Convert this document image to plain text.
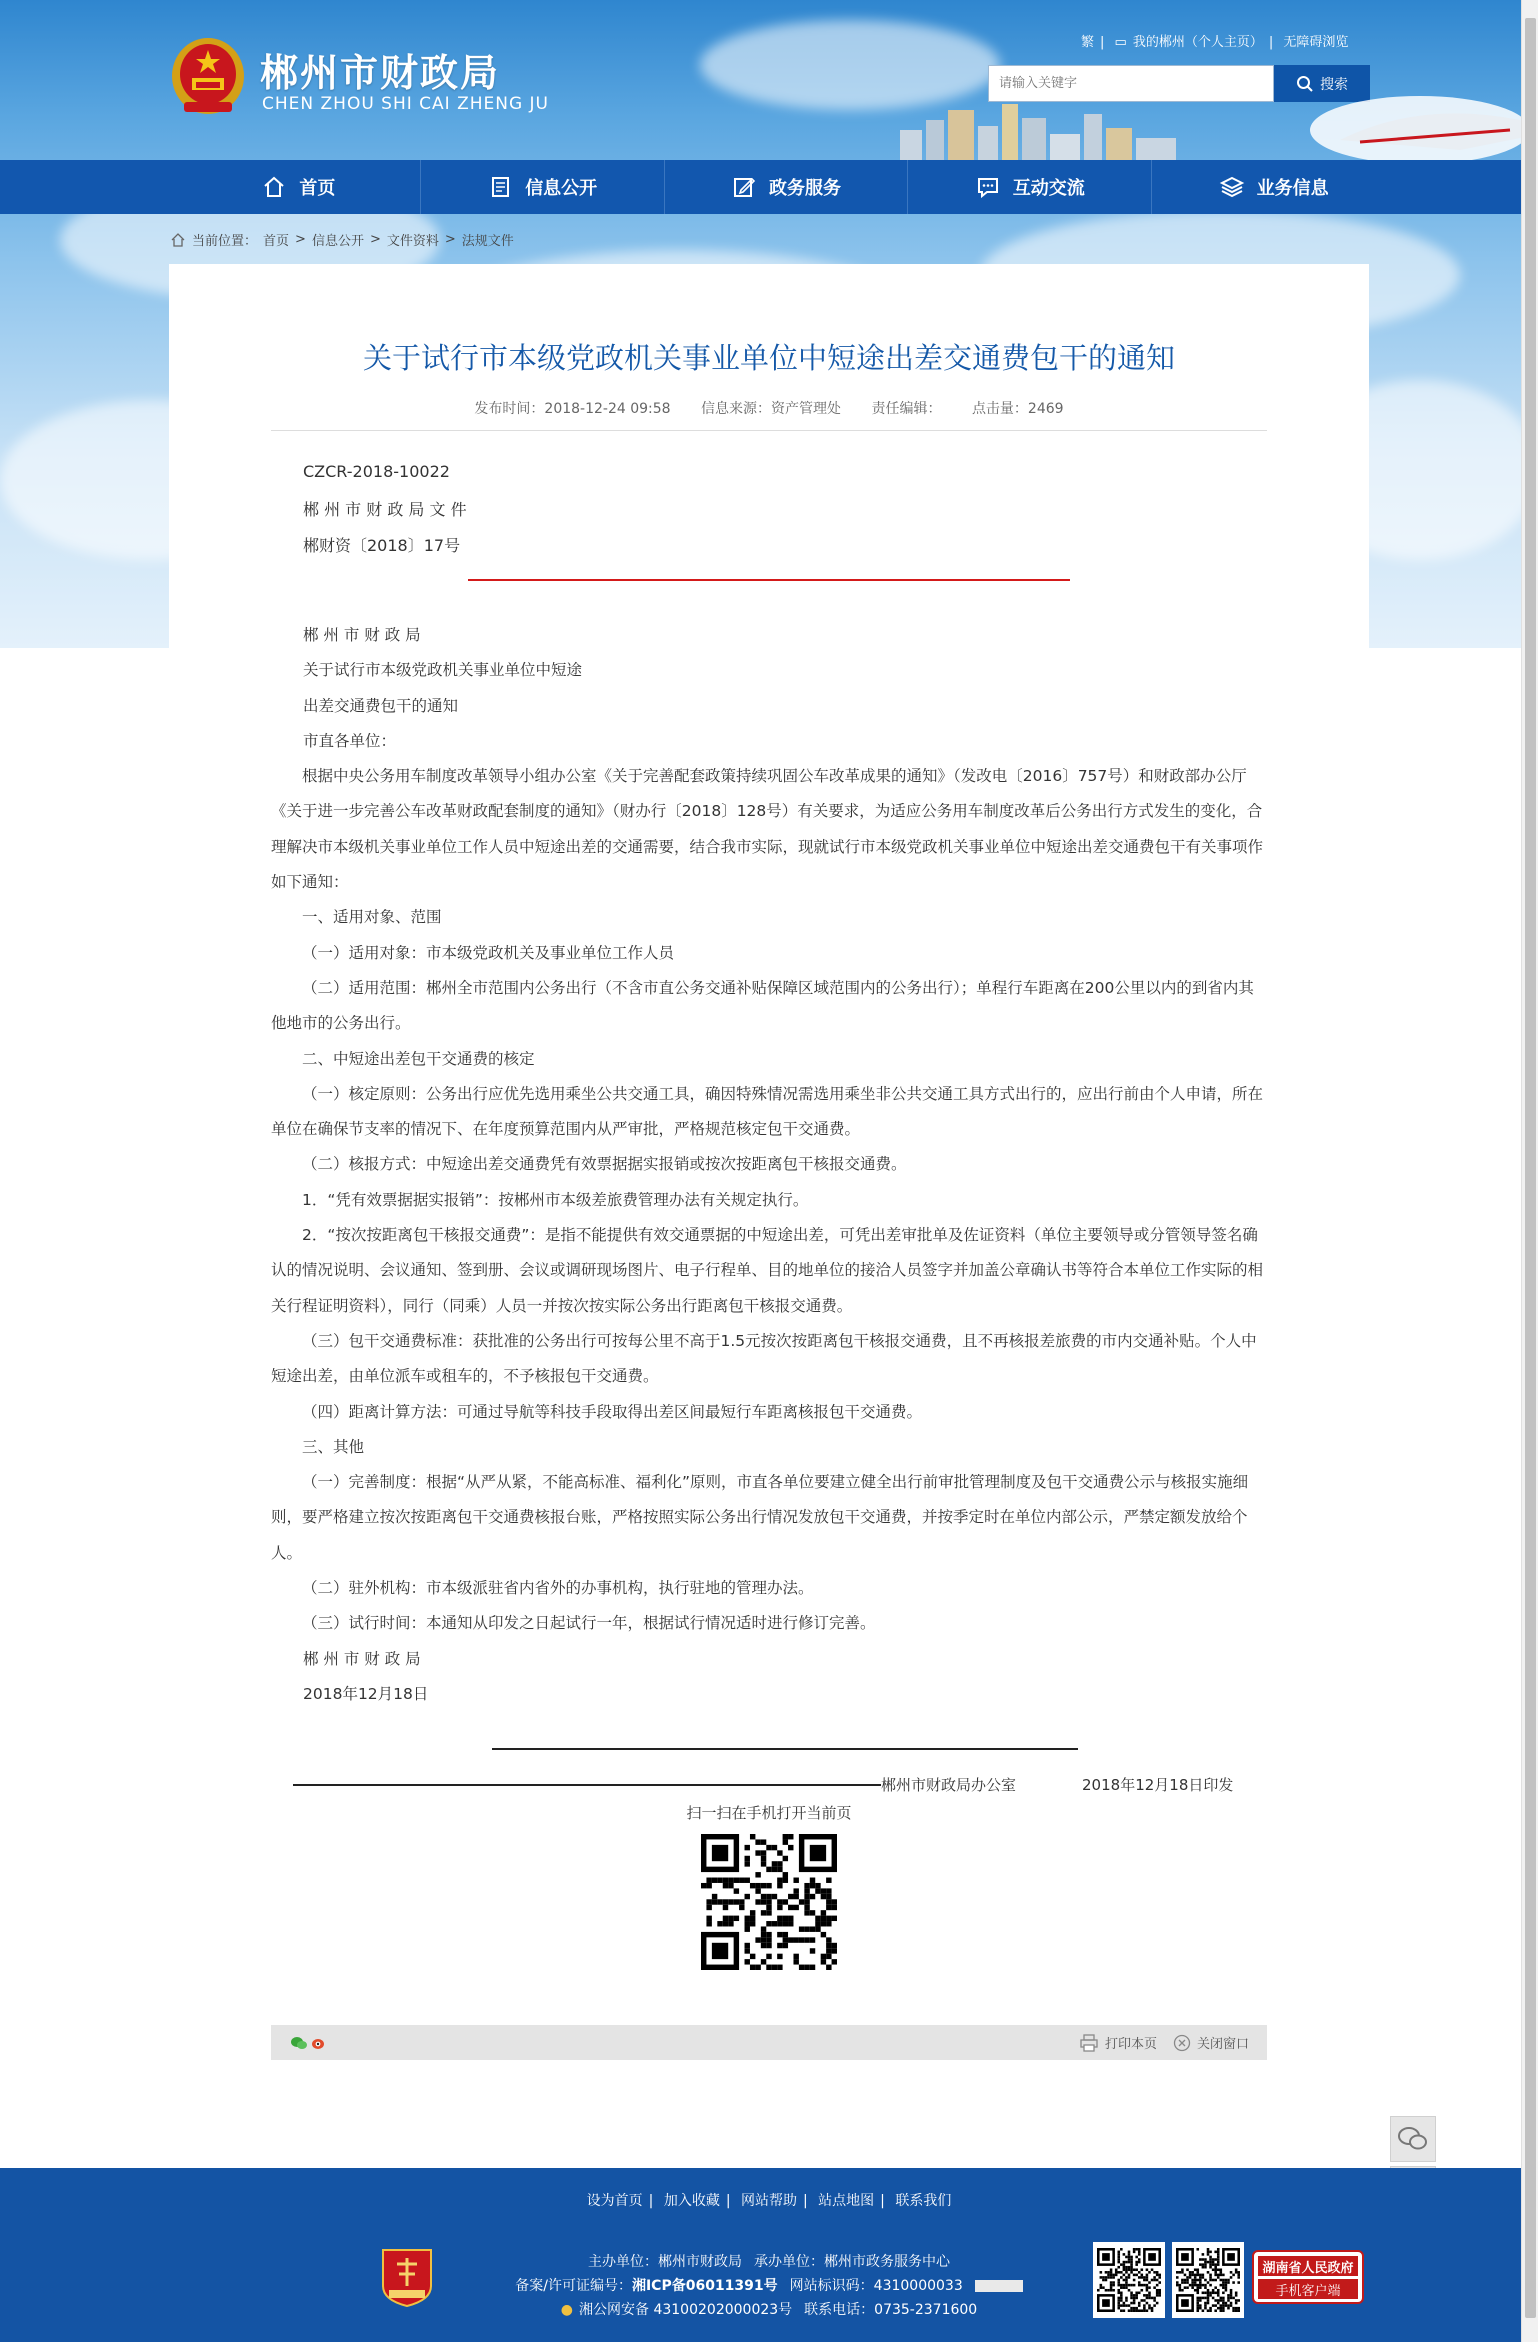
郴州市财政局
CHEN ZHOU SHI CAI ZHENG JU
繁 | ▭ 我的郴州（个人主页） | 无障碍浏览
请输入关键字
搜索
首页	信息公开	政务服务	互动交流	业务信息
当前位置： 首页 > 信息公开 > 文件资料 > 法规文件
关于试行市本级党政机关事业单位中短途出差交通费包干的通知
发布时间：2018-12-24 09:58 信息来源：资产管理处 责任编辑： 点击量：2469
CZCR-2018-10022
郴 州 市 财 政 局 文 件
郴财资〔2018〕17号

郴 州 市 财 政 局

关于试行市本级党政机关事业单位中短途

出差交通费包干的通知

市直各单位：

根据中央公务用车制度改革领导小组办公室《关于完善配套政策持续巩固公车改革成果的通知》（发改电〔2016〕757号）和财政部办公厅《关于进一步完善公车改革财政配套制度的通知》（财办行〔2018〕128号）有关要求，为适应公务用车制度改革后公务出行方式发生的变化，合理解决市本级机关事业单位工作人员中短途出差的交通需要，结合我市实际，现就试行市本级党政机关事业单位中短途出差交通费包干有关事项作如下通知：

一、适用对象、范围

（一）适用对象：市本级党政机关及事业单位工作人员

（二）适用范围：郴州全市范围内公务出行（不含市直公务交通补贴保障区域范围内的公务出行）；单程行车距离在200公里以内的到省内其他地市的公务出行。

二、中短途出差包干交通费的核定

（一）核定原则：公务出行应优先选用乘坐公共交通工具，确因特殊情况需选用乘坐非公共交通工具方式出行的，应出行前由个人申请，所在单位在确保节支率的情况下、在年度预算范围内从严审批，严格规范核定包干交通费。

（二）核报方式：中短途出差交通费凭有效票据据实报销或按次按距离包干核报交通费。

1．“凭有效票据据实报销”：按郴州市本级差旅费管理办法有关规定执行。

2．“按次按距离包干核报交通费”：是指不能提供有效交通票据的中短途出差，可凭出差审批单及佐证资料（单位主要领导或分管领导签名确认的情况说明、会议通知、签到册、会议或调研现场图片、电子行程单、目的地单位的接洽人员签字并加盖公章确认书等符合本单位工作实际的相关行程证明资料），同行（同乘）人员一并按次按实际公务出行距离包干核报交通费。

（三）包干交通费标准：获批准的公务出行可按每公里不高于1.5元按次按距离包干核报交通费，且不再核报差旅费的市内交通补贴。个人中短途出差，由单位派车或租车的，不予核报包干交通费。

（四）距离计算方法：可通过导航等科技手段取得出差区间最短行车距离核报包干交通费。

三、其他

（一）完善制度：根据“从严从紧，不能高标准、福利化”原则，市直各单位要建立健全出行前审批管理制度及包干交通费公示与核报实施细则，要严格建立按次按距离包干交通费核报台账，严格按照实际公务出行情况发放包干交通费，并按季定时在单位内部公示，严禁定额发放给个人。

（二）驻外机构：市本级派驻省内省外的办事机构，执行驻地的管理办法。

（三）试行时间：本通知从印发之日起试行一年，根据试行情况适时进行修订完善。

郴 州 市 财 政 局

2018年12月18日

郴州市财政局办公室	2018年12月18日印发
扫一扫在手机打开当前页
打印本页	关闭窗口
设为首页 | 加入收藏 | 网站帮助 | 站点地图 | 联系我们
主办单位：郴州市财政局 承办单位：郴州市政务服务中心
备案/许可证编号：湘ICP备06011391号 网站标识码：4310000033
● 湘公网安备 43100202000023号 联系电话：0735-2371600
湖南省人民政府
手机客户端
